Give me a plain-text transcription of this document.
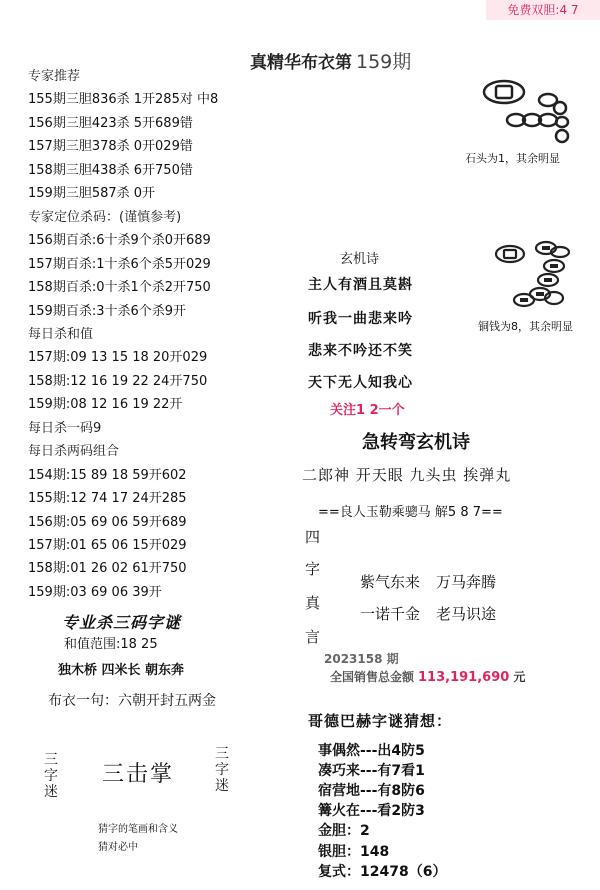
免费双胆:4 7
真精华布衣第 159期
专家推荐
155期三胆836杀 1开285对 中8
156期三胆423杀 5开689错
157期三胆378杀 0开029错
158期三胆438杀 6开750错
159期三胆587杀 0开
专家定位杀码：(谨慎参考)
156期百杀:6十杀9个杀0开689
157期百杀:1十杀6个杀5开029
158期百杀:0十杀1个杀2开750
159期百杀:3十杀6个杀9开
每日杀和值
157期:09 13 15 18 20开029
158期:12 16 19 22 24开750
159期:08 12 16 19 22开
每日杀一码9
每日杀两码组合
154期:15 89 18 59开602
155期:12 74 17 24开285
156期:05 69 06 59开689
157期:01 65 06 15开029
158期:01 26 02 61开750
159期:03 69 06 39开
专业杀三码字谜
和值范围:18 25
独木桥 四米长 朝东奔
布衣一句：六朝开封五两金
三字迷
三击掌
三字迷
猜字的笔画和含义
猜对必中
石头为1，其余明显
铜钱为8，其余明显
玄机诗
主人有酒且莫斟
听我一曲悲来吟
悲来不吟还不笑
天下无人知我心
关注1 2一个
急转弯玄机诗
二郎神 开天眼 九头虫 挨弹丸
==良人玉勒乘骢马 解5 8 7==
四
字
真
言
紫气东来 万马奔腾
一诺千金 老马识途
2023158 期
全国销售总金额 113,191,690 元
哥德巴赫字谜猜想：
事偶然---出4防5
凑巧来---有7看1
宿营地---有8防6
篝火在---看2防3
金胆：2
银胆：148
复式：12478（6）
